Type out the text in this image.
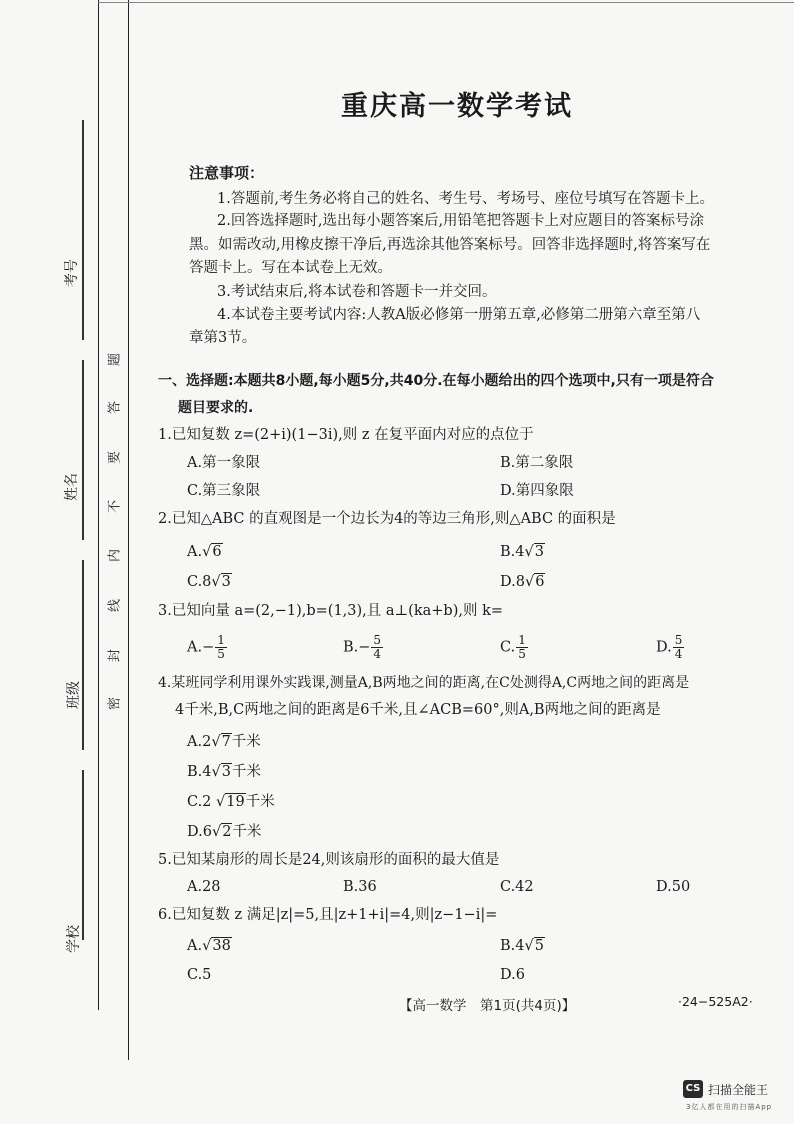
考号
姓名
班级
学校
题
答
要
不
内
线
封
密
重庆高一数学考试
注意事项：
1.答题前,考生务必将自己的姓名、考生号、考场号、座位号填写在答题卡上。
2.回答选择题时,选出每小题答案后,用铅笔把答题卡上对应题目的答案标号涂
黑。如需改动,用橡皮擦干净后,再选涂其他答案标号。回答非选择题时,将答案写在
答题卡上。写在本试卷上无效。
3.考试结束后,将本试卷和答题卡一并交回。
4.本试卷主要考试内容:人教A版必修第一册第五章,必修第二册第六章至第八
章第3节。
一、选择题:本题共8小题,每小题5分,共40分.在每小题给出的四个选项中,只有一项是符合
题目要求的.
1.已知复数 z=(2+i)(1−3i),则 z 在复平面内对应的点位于
A.第一象限	B.第二象限
C.第三象限	D.第四象限
2.已知△ABC 的直观图是一个边长为4的等边三角形,则△ABC 的面积是
A.√6	B.4√3
C.8√3	D.8√6
3.已知向量 a=(2,−1),b=(1,3),且 a⊥(ka+b),则 k=
$A.- \frac{1}{5}$	$B.- \frac{5}{4}$	C. $\frac{1}{5}$	D. $\frac{5}{4}$
4.某班同学利用课外实践课,测量A,B两地之间的距离,在C处测得A,C两地之间的距离是
4千米,B,C两地之间的距离是6千米,且∠ACB=60°,则A,B两地之间的距离是
A.2√7千米
B.4√3千米
C.2 √19千米
D.6√2千米
5.已知某扇形的周长是24,则该扇形的面积的最大值是
A.28	B.36	C.42	D.50
6.已知复数 z 满足|z|=5,且|z+1+i|=4,则|z−1−i|=
A.√38	B.4√5
C.5	D.6
【高一数学　第1页(共4页)】	·24−525A2·
CS 扫描全能王
3亿人都在用的扫描App
